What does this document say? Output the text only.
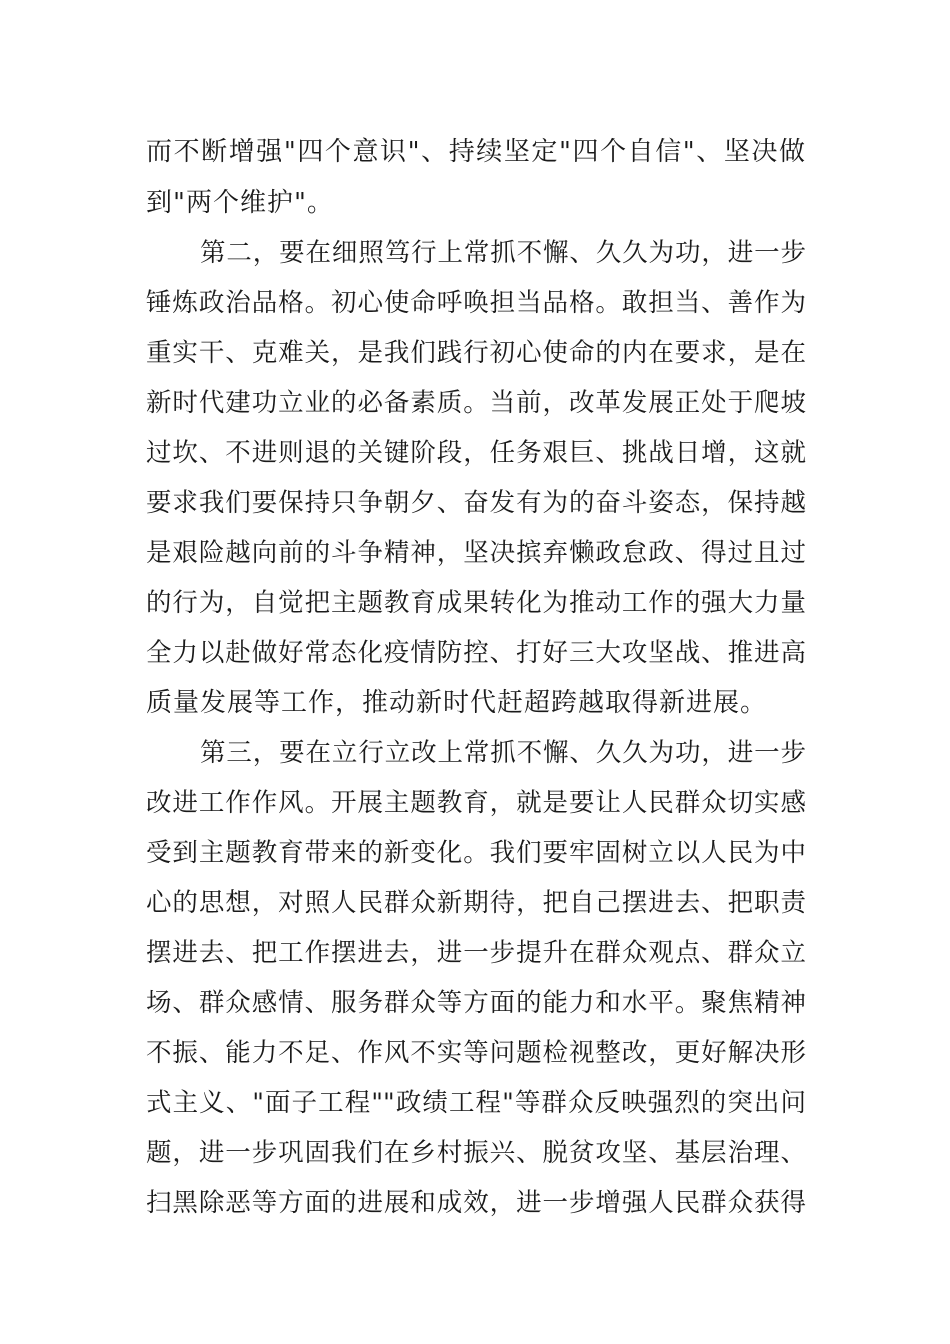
而不断增强"四个意识"、持续坚定"四个自信"、坚决做
到"两个维护"。
第二，要在细照笃行上常抓不懈、久久为功，进一步
锤炼政治品格。初心使命呼唤担当品格。敢担当、善作为
重实干、克难关，是我们践行初心使命的内在要求，是在
新时代建功立业的必备素质。当前，改革发展正处于爬坡
过坎、不进则退的关键阶段，任务艰巨、挑战日增，这就
要求我们要保持只争朝夕、奋发有为的奋斗姿态，保持越
是艰险越向前的斗争精神，坚决摈弃懒政怠政、得过且过
的行为，自觉把主题教育成果转化为推动工作的强大力量
全力以赴做好常态化疫情防控、打好三大攻坚战、推进高
质量发展等工作，推动新时代赶超跨越取得新进展。
第三，要在立行立改上常抓不懈、久久为功，进一步
改进工作作风。开展主题教育，就是要让人民群众切实感
受到主题教育带来的新变化。我们要牢固树立以人民为中
心的思想，对照人民群众新期待，把自己摆进去、把职责
摆进去、把工作摆进去，进一步提升在群众观点、群众立
场、群众感情、服务群众等方面的能力和水平。聚焦精神
不振、能力不足、作风不实等问题检视整改，更好解决形
式主义、"面子工程""政绩工程"等群众反映强烈的突出问
题，进一步巩固我们在乡村振兴、脱贫攻坚、基层治理、
扫黑除恶等方面的进展和成效，进一步增强人民群众获得
